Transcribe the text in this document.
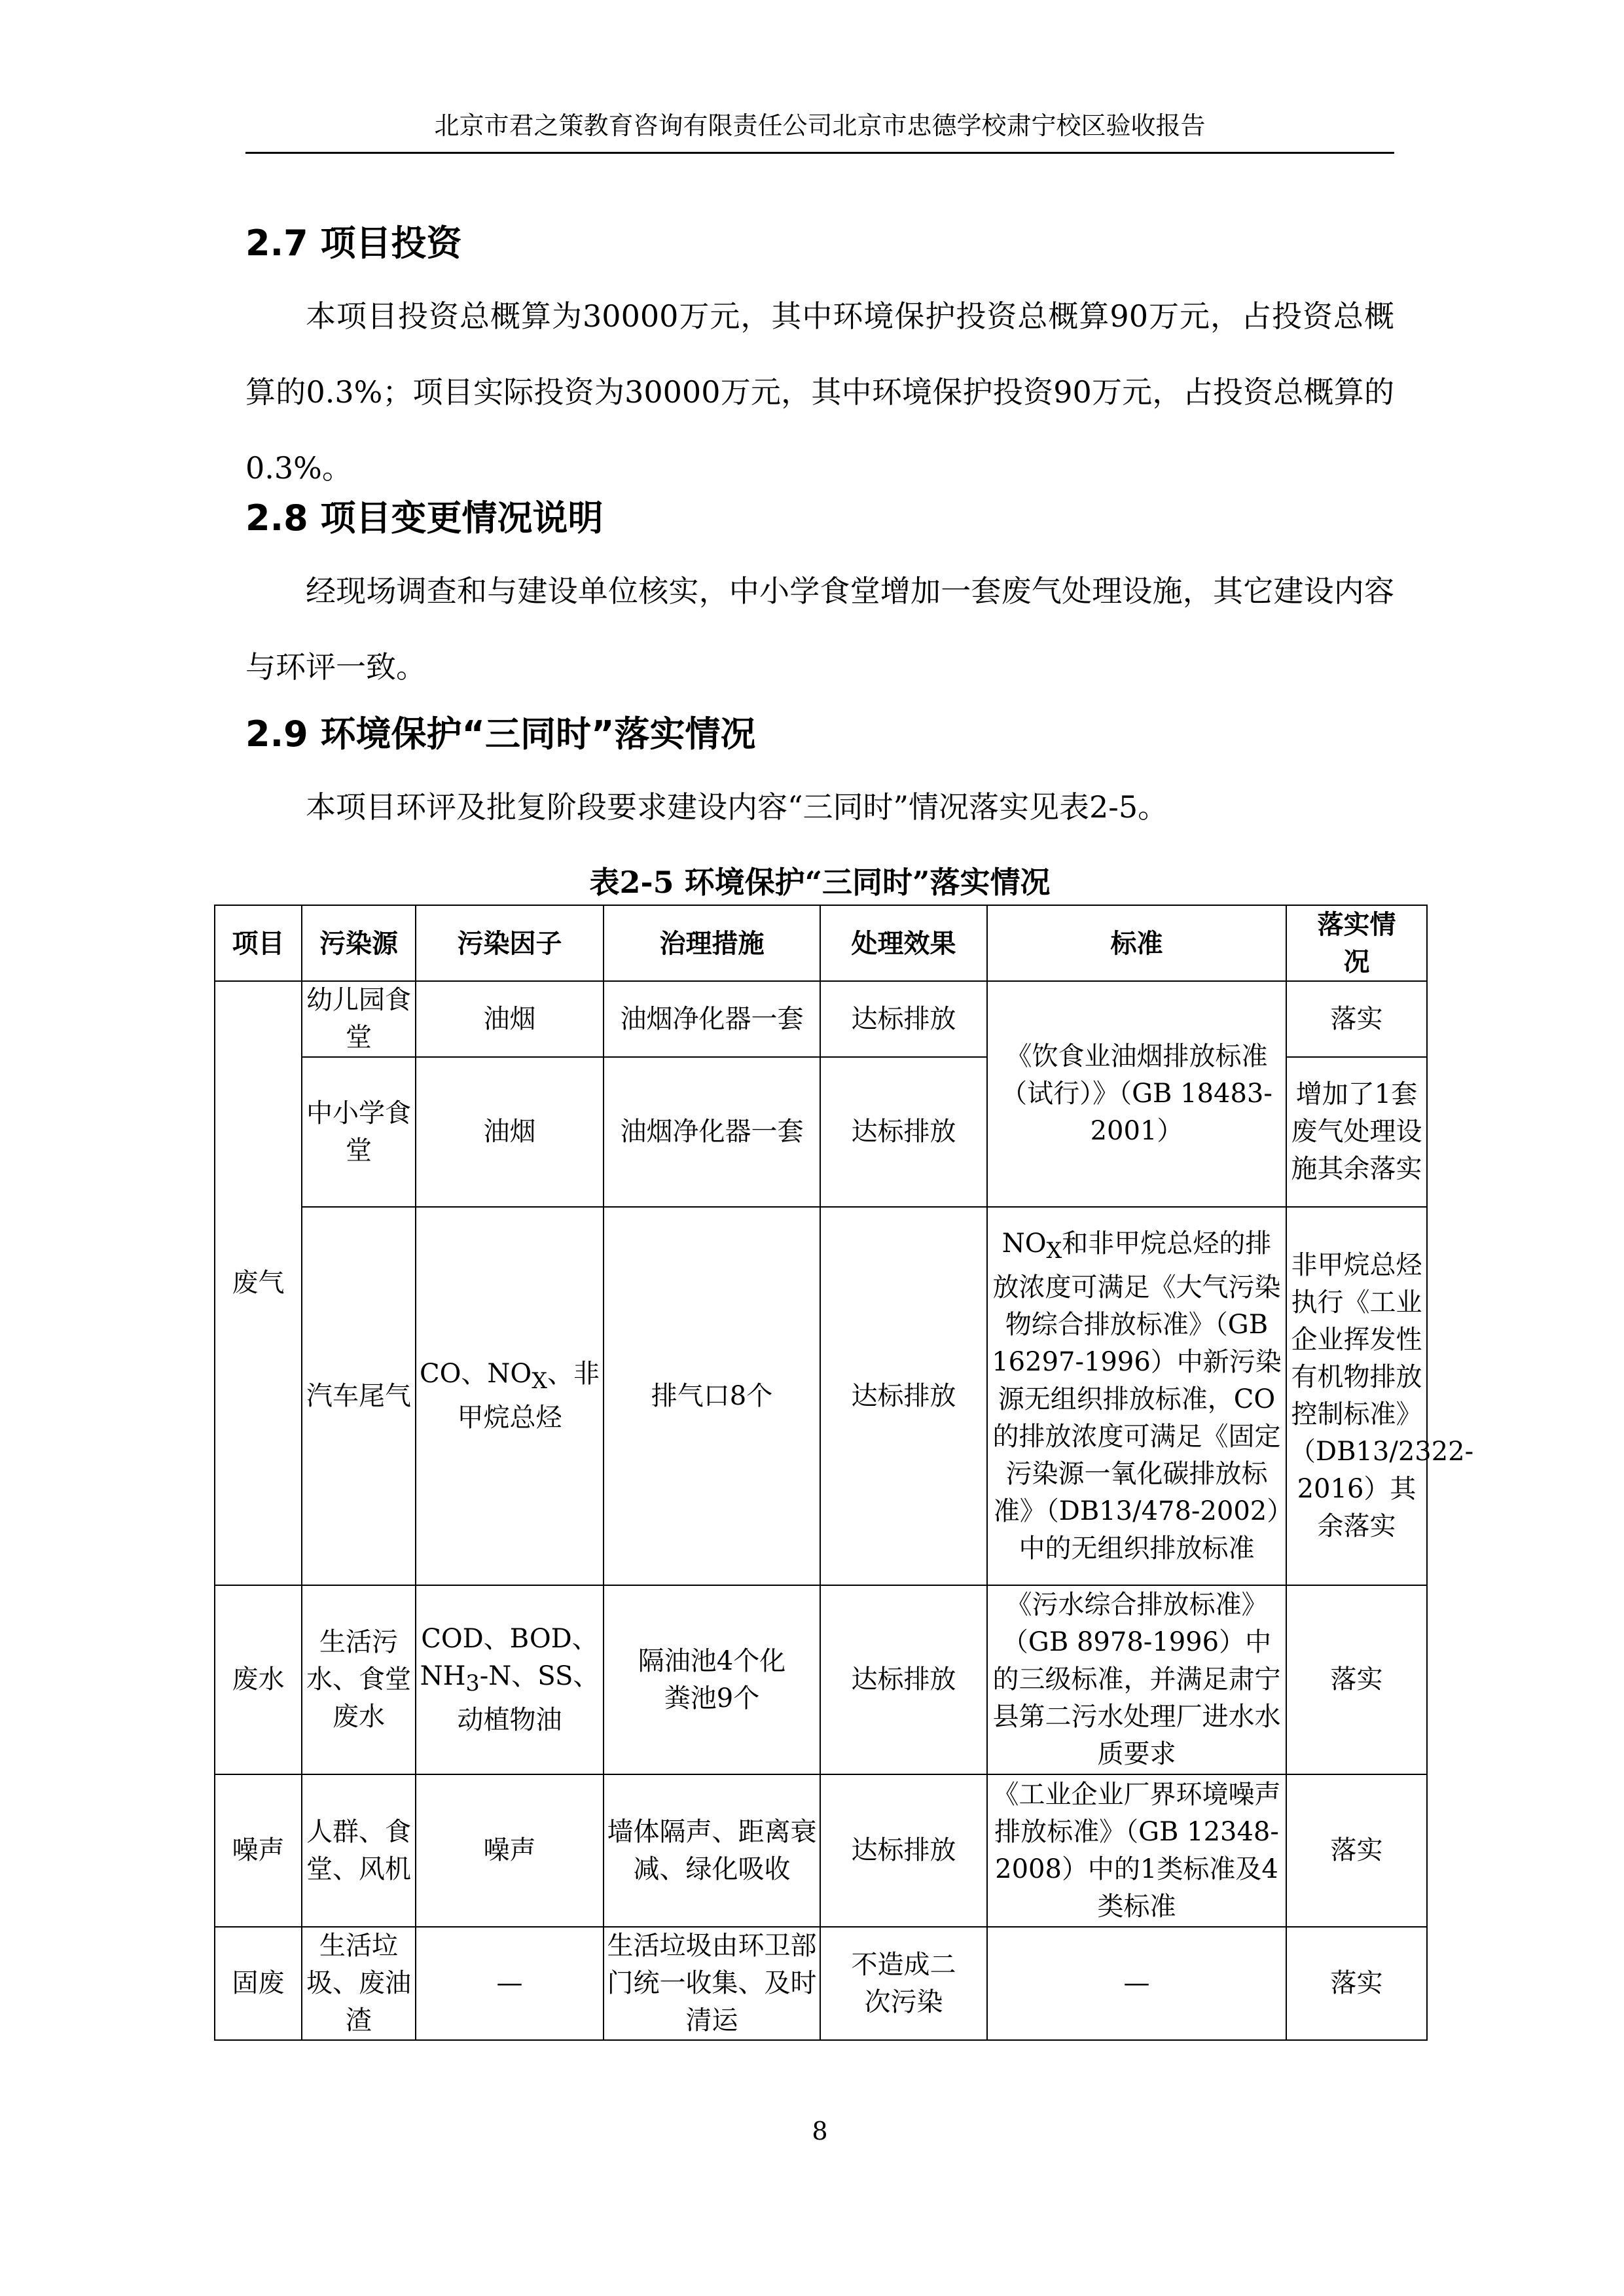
北京市君之策教育咨询有限责任公司北京市忠德学校肃宁校区验收报告
2.7 项目投资

本项目投资总概算为30000万元，其中环境保护投资总概算90万元，占投资总概算的0.3%；项目实际投资为30000万元，其中环境保护投资90万元，占投资总概算的0.3%。

2.8 项目变更情况说明

经现场调查和与建设单位核实，中小学食堂增加一套废气处理设施，其它建设内容与环评一致。

2.9 环境保护“三同时”落实情况

本项目环评及批复阶段要求建设内容“三同时”情况落实见表2-5。

表2-5 环境保护“三同时”落实情况
项目	污染源	污染因子	治理措施	处理效果	标准	落实情况
废气	幼儿园食堂	油烟	油烟净化器一套	达标排放	《饮食业油烟排放标准（试行）》（GB 18483-2001）	落实
	中小学食堂	油烟	油烟净化器一套	达标排放		增加了1套废气处理设施其余落实
	汽车尾气	CO、$NO_X$、非甲烷总烃	排气口8个	达标排放	$NO_X$和非甲烷总烃的排放浓度可满足《大气污染物综合排放标准》（GB 16297-1996）中新污染源无组织排放标准，CO的排放浓度可满足《固定污染源一氧化碳排放标准》（DB13/478-2002）中的无组织排放标准	非甲烷总烃执行《工业企业挥发性有机物排放控制标准》（DB13/2322-2016）其余落实
废水	生活污水、食堂废水	COD、BOD、$NH_3-N$、SS、动植物油	隔油池4个化粪池9个	达标排放	《污水综合排放标准》（GB 8978-1996）中的三级标准，并满足肃宁县第二污水处理厂进水水质要求	落实
噪声	人群、食堂、风机	噪声	墙体隔声、距离衰减、绿化吸收	达标排放	《工业企业厂界环境噪声排放标准》（GB 12348-2008）中的1类标准及4类标准	落实
固废	生活垃圾、废油渣	—	生活垃圾由环卫部门统一收集、及时清运	不造成二次污染	—	落实
8
